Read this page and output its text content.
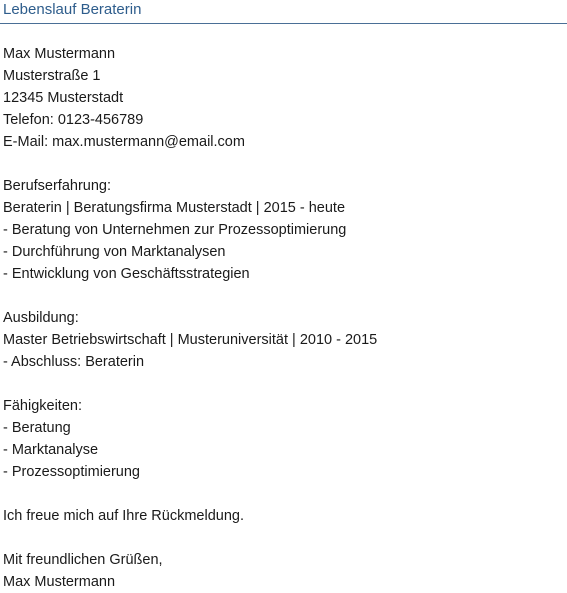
Lebenslauf Beraterin
Max Mustermann
Musterstraße 1
12345 Musterstadt
Telefon: 0123-456789
E-Mail: max.mustermann@email.com
Berufserfahrung:
Beraterin | Beratungsfirma Musterstadt | 2015 - heute
- Beratung von Unternehmen zur Prozessoptimierung
- Durchführung von Marktanalysen
- Entwicklung von Geschäftsstrategien
Ausbildung:
Master Betriebswirtschaft | Musteruniversität | 2010 - 2015
- Abschluss: Beraterin
Fähigkeiten:
- Beratung
- Marktanalyse
- Prozessoptimierung
Ich freue mich auf Ihre Rückmeldung.
Mit freundlichen Grüßen,
Max Mustermann
